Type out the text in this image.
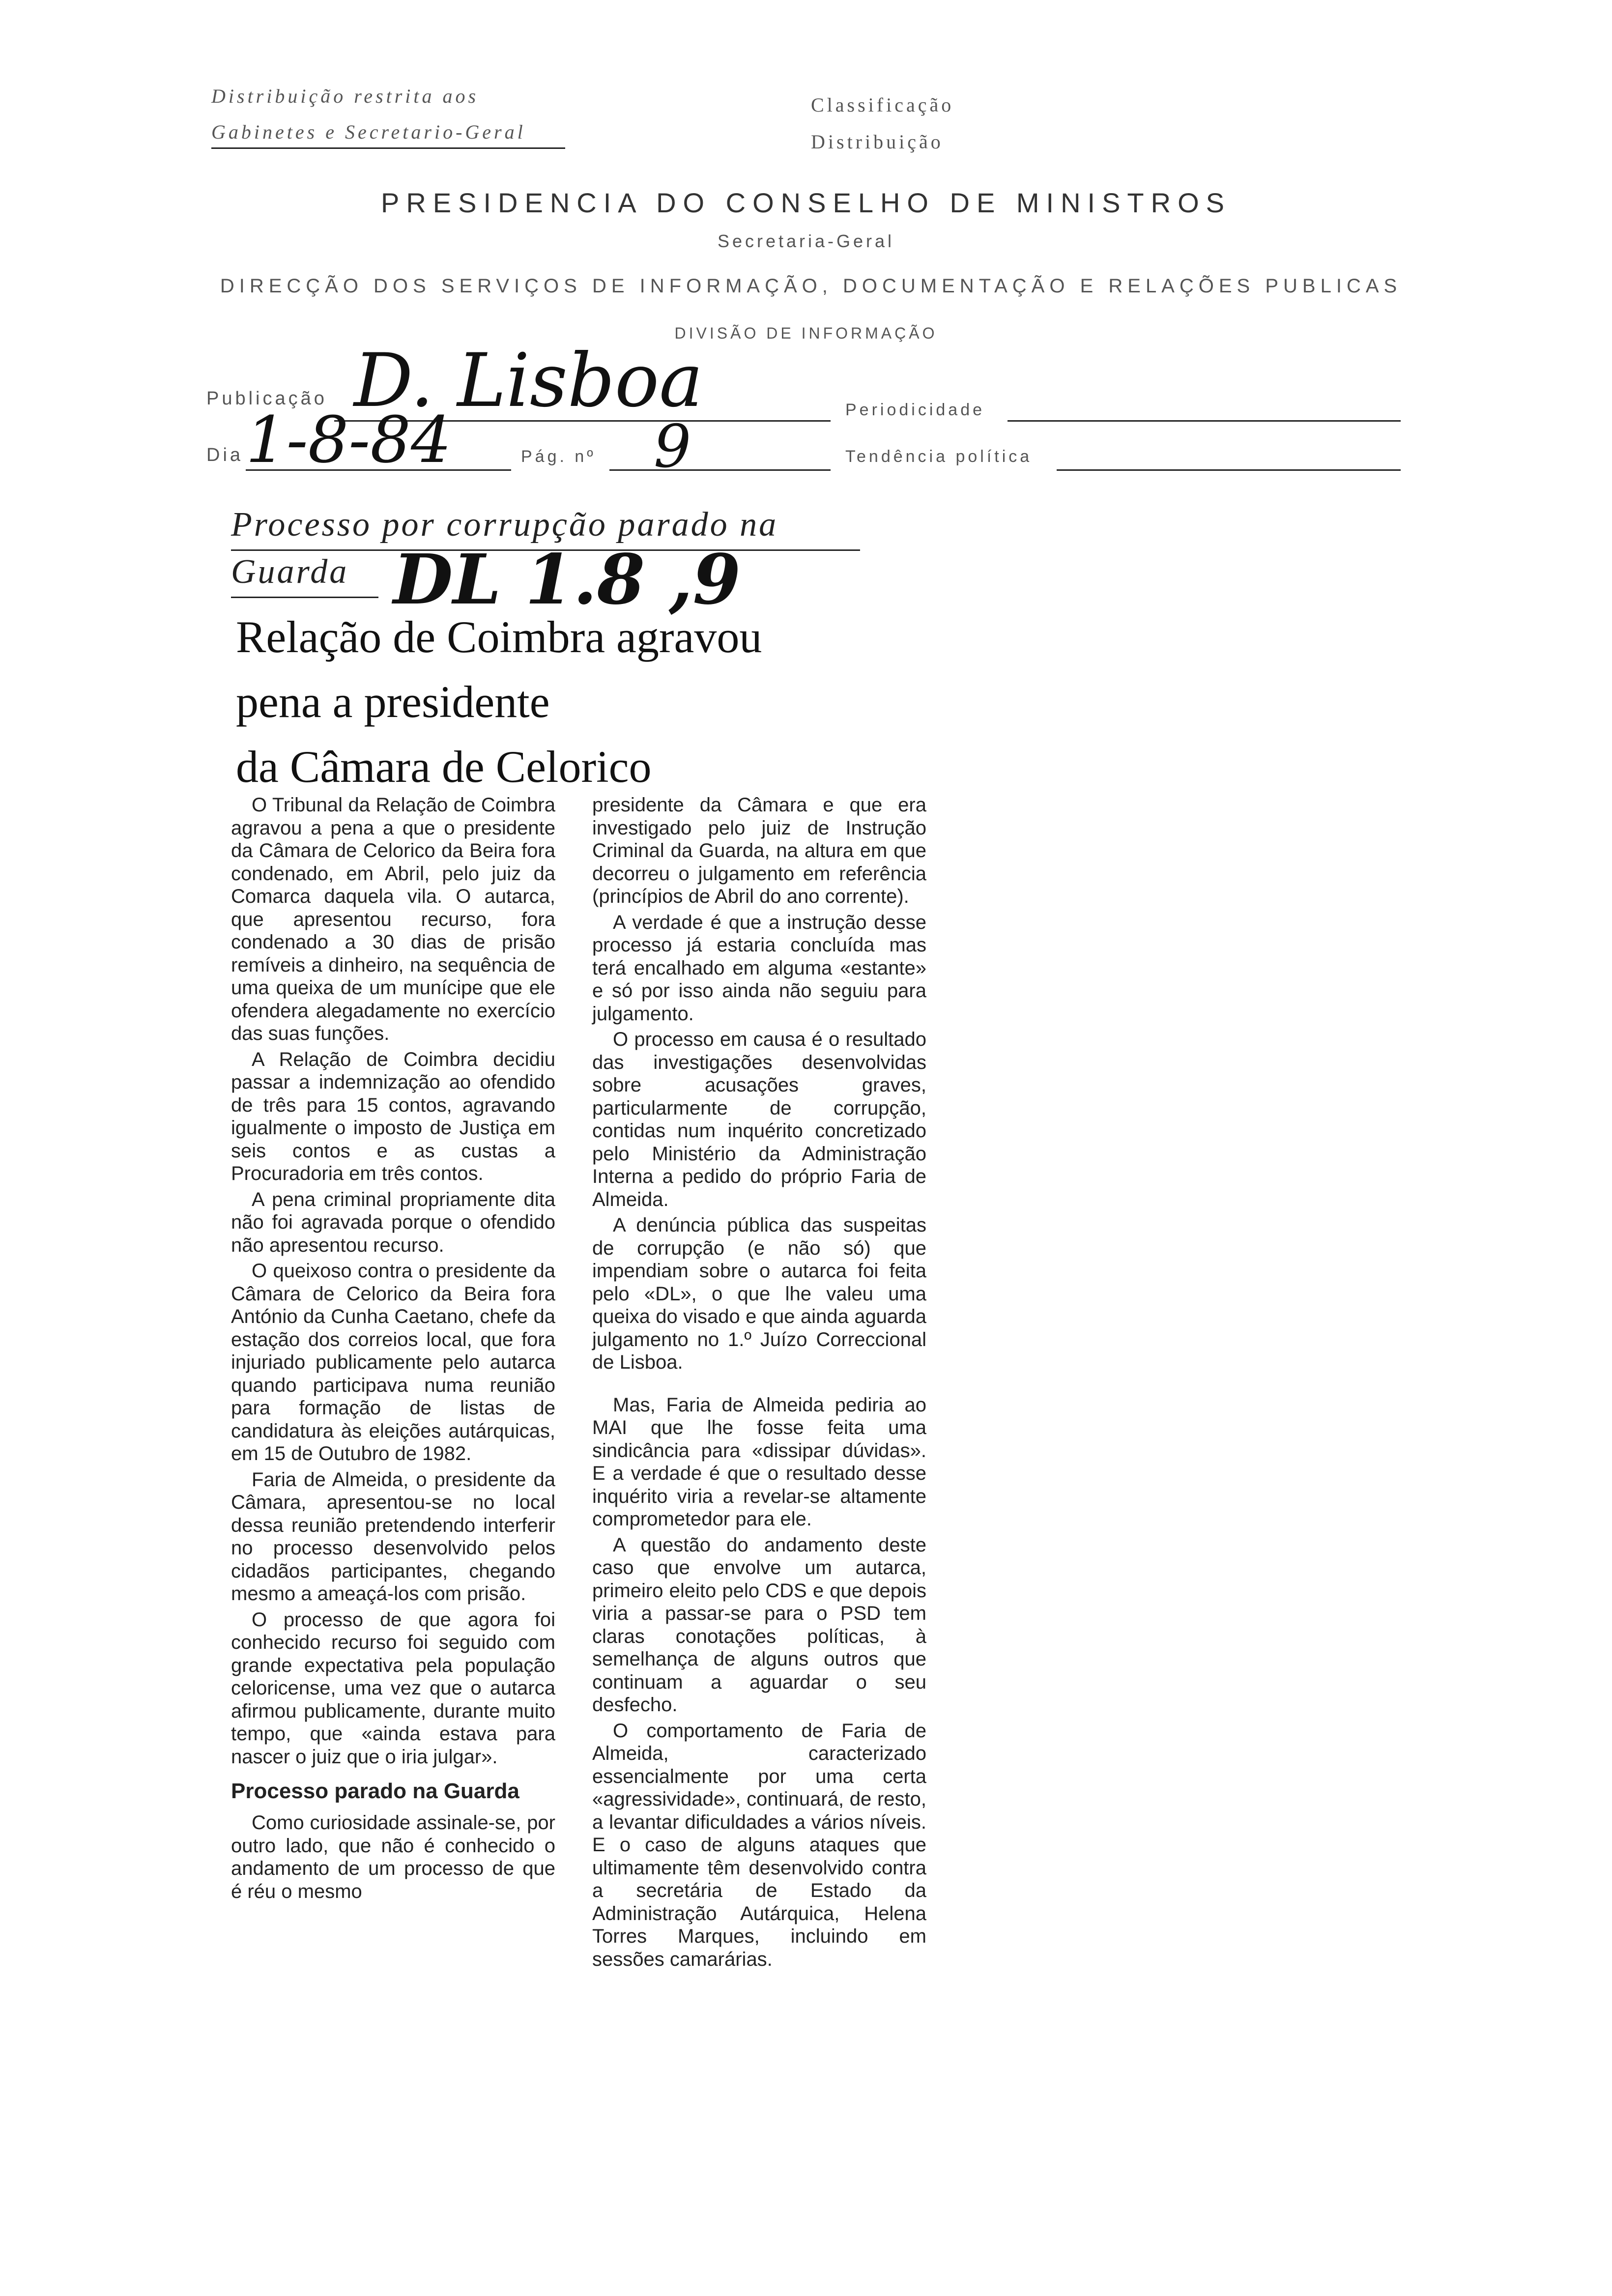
Distribuição restrita aos
Gabinetes e Secretario-Geral
Classificação
Distribuição
PRESIDENCIA DO CONSELHO DE MINISTROS
Secretaria-Geral
DIRECÇÃO DOS SERVIÇOS DE INFORMAÇÃO, DOCUMENTAÇÃO E RELAÇÕES PUBLICAS
DIVISÃO DE INFORMAÇÃO
Publicação D. Lisboa	Periodicidade
Dia 1-8-84	Pág. nº 9	Tendência política
Processo por corrupção parado na Guarda DL 1.8 ,9
Relação de Coimbra agravou
pena a presidente
da Câmara de Celorico

O Tribunal da Relação de Coimbra agravou a pena a que o presidente da Câmara de Celorico da Beira fora condenado, em Abril, pelo juiz da Comarca daquela vila. O autarca, que apresentou recurso, fora condenado a 30 dias de prisão remíveis a dinheiro, na sequência de uma queixa de um munícipe que ele ofendera alegadamente no exercício das suas funções.

A Relação de Coimbra decidiu passar a indemnização ao ofendido de três para 15 contos, agravando igualmente o imposto de Justiça em seis contos e as custas a Procuradoria em três contos.

A pena criminal propriamente dita não foi agravada porque o ofendido não apresentou recurso.

O queixoso contra o presidente da Câmara de Celorico da Beira fora António da Cunha Caetano, chefe da estação dos correios local, que fora injuriado publicamente pelo autarca quando participava numa reunião para formação de listas de candidatura às eleições autárquicas, em 15 de Outubro de 1982.

Faria de Almeida, o presidente da Câmara, apresentou-se no local dessa reunião pretendendo interferir no processo desenvolvido pelos cidadãos participantes, chegando mesmo a ameaçá-los com prisão.

O processo de que agora foi conhecido recurso foi seguido com grande expectativa pela população celoricense, uma vez que o autarca afirmou publicamente, durante muito tempo, que «ainda estava para nascer o juiz que o iria julgar».

Processo parado na Guarda

Como curiosidade assinale-se, por outro lado, que não é conhecido o andamento de um processo de que é réu o mesmo

presidente da Câmara e que era investigado pelo juiz de Instrução Criminal da Guarda, na altura em que decorreu o julgamento em referência (princípios de Abril do ano corrente).

A verdade é que a instrução desse processo já estaria concluída mas terá encalhado em alguma «estante» e só por isso ainda não seguiu para julgamento.

O processo em causa é o resultado das investigações desenvolvidas sobre acusações graves, particularmente de corrupção, contidas num inquérito concretizado pelo Ministério da Administração Interna a pedido do próprio Faria de Almeida.

A denúncia pública das suspeitas de corrupção (e não só) que impendiam sobre o autarca foi feita pelo «DL», o que lhe valeu uma queixa do visado e que ainda aguarda julgamento no 1.º Juízo Correccional de Lisboa.

Mas, Faria de Almeida pediria ao MAI que lhe fosse feita uma sindicância para «dissipar dúvidas». E a verdade é que o resultado desse inquérito viria a revelar-se altamente comprometedor para ele.

A questão do andamento deste caso que envolve um autarca, primeiro eleito pelo CDS e que depois viria a passar-se para o PSD tem claras conotações políticas, à semelhança de alguns outros que continuam a aguardar o seu desfecho.

O comportamento de Faria de Almeida, caracterizado essencialmente por uma certa «agressividade», continuará, de resto, a levantar dificuldades a vários níveis. E o caso de alguns ataques que ultimamente têm desenvolvido contra a secretária de Estado da Administração Autárquica, Helena Torres Marques, incluindo em sessões camarárias.
